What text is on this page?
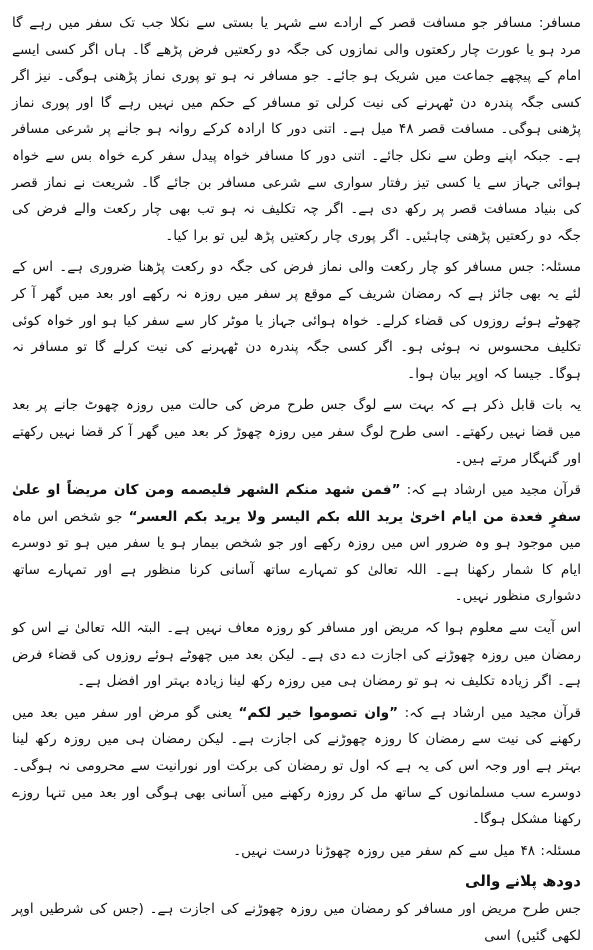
مسافر: مسافر جو مسافت قصر کے ارادے سے شہر یا بستی سے نکلا جب تک سفر میں رہے گا مرد ہو یا عورت چار رکعتوں والی نمازوں کی جگہ دو رکعتیں فرض پڑھے گا۔ ہاں اگر کسی ایسے امام کے پیچھے جماعت میں شریک ہو جائے۔ جو مسافر نہ ہو تو پوری نماز پڑھنی ہوگی۔ نیز اگر کسی جگہ پندرہ دن ٹھہرنے کی نیت کرلی تو مسافر کے حکم میں نہیں رہے گا اور پوری نماز پڑھنی ہوگی۔ مسافت قصر ۴۸ میل ہے۔ اتنی دور کا ارادہ کرکے روانہ ہو جانے پر شرعی مسافر ہے۔ جبکہ اپنے وطن سے نکل جائے۔ اتنی دور کا مسافر خواہ پیدل سفر کرے خواہ بس سے خواہ ہوائی جہاز سے یا کسی تیز رفتار سواری سے شرعی مسافر بن جائے گا۔ شریعت نے نماز قصر کی بنیاد مسافت قصر پر رکھ دی ہے۔ اگر چہ تکلیف نہ ہو تب بھی چار رکعت والے فرض کی جگہ دو رکعتیں پڑھنی چاہئیں۔ اگر پوری چار رکعتیں پڑھ لیں تو برا کیا۔

مسئلہ: جس مسافر کو چار رکعت والی نماز فرض کی جگہ دو رکعت پڑھنا ضروری ہے۔ اس کے لئے یہ بھی جائز ہے کہ رمضان شریف کے موقع پر سفر میں روزہ نہ رکھے اور بعد میں گھر آ کر چھوٹے ہوئے روزوں کی قضاء کرلے۔ خواہ ہوائی جہاز یا موٹر کار سے سفر کیا ہو اور خواہ کوئی تکلیف محسوس نہ ہوئی ہو۔ اگر کسی جگہ پندرہ دن ٹھہرنے کی نیت کرلے گا تو مسافر نہ ہوگا۔ جیسا کہ اوپر بیان ہوا۔

یہ بات قابل ذکر ہے کہ بہت سے لوگ جس طرح مرض کی حالت میں روزہ چھوٹ جانے پر بعد میں قضا نہیں رکھتے۔ اسی طرح لوگ سفر میں روزہ چھوڑ کر بعد میں گھر آ کر قضا نہیں رکھتے اور گنہگار مرتے ہیں۔

قرآن مجید میں ارشاد ہے کہ: ”فمن شهد منكم الشهر فليصمه ومن كان مريضاً او علىٰ سفرٍ فعدة من ايام اخرىٰ يريد الله بكم اليسر ولا يريد بكم العسر“ جو شخص اس ماہ میں موجود ہو وہ ضرور اس میں روزہ رکھے اور جو شخص بیمار ہو یا سفر میں ہو تو دوسرے ایام کا شمار رکھنا ہے۔ اللہ تعالیٰ کو تمہارے ساتھ آسانی کرنا منظور ہے اور تمہارے ساتھ دشواری منظور نہیں۔

اس آیت سے معلوم ہوا کہ مریض اور مسافر کو روزہ معاف نہیں ہے۔ البتہ اللہ تعالیٰ نے اس کو رمضان میں روزہ چھوڑنے کی اجازت دے دی ہے۔ لیکن بعد میں چھوٹے ہوئے روزوں کی قضاء فرض ہے۔ اگر زیادہ تکلیف نہ ہو تو رمضان ہی میں روزہ رکھ لینا زیادہ بہتر اور افضل ہے۔

قرآن مجید میں ارشاد ہے کہ: ”وان تصوموا خير لكم“ یعنی گو مرض اور سفر میں بعد میں رکھنے کی نیت سے رمضان کا روزہ چھوڑنے کی اجازت ہے۔ لیکن رمضان ہی میں روزہ رکھ لینا بہتر ہے اور وجہ اس کی یہ ہے کہ اول تو رمضان کی برکت اور نورانیت سے محرومی نہ ہوگی۔ دوسرے سب مسلمانوں کے ساتھ مل کر روزہ رکھنے میں آسانی بھی ہوگی اور بعد میں تنہا روزے رکھنا مشکل ہوگا۔

مسئلہ: ۴۸ میل سے کم سفر میں روزہ چھوڑنا درست نہیں۔

دودھ پلانے والی

جس طرح مریض اور مسافر کو رمضان میں روزہ چھوڑنے کی اجازت ہے۔ (جس کی شرطیں اوپر لکھی گئیں) اسی
